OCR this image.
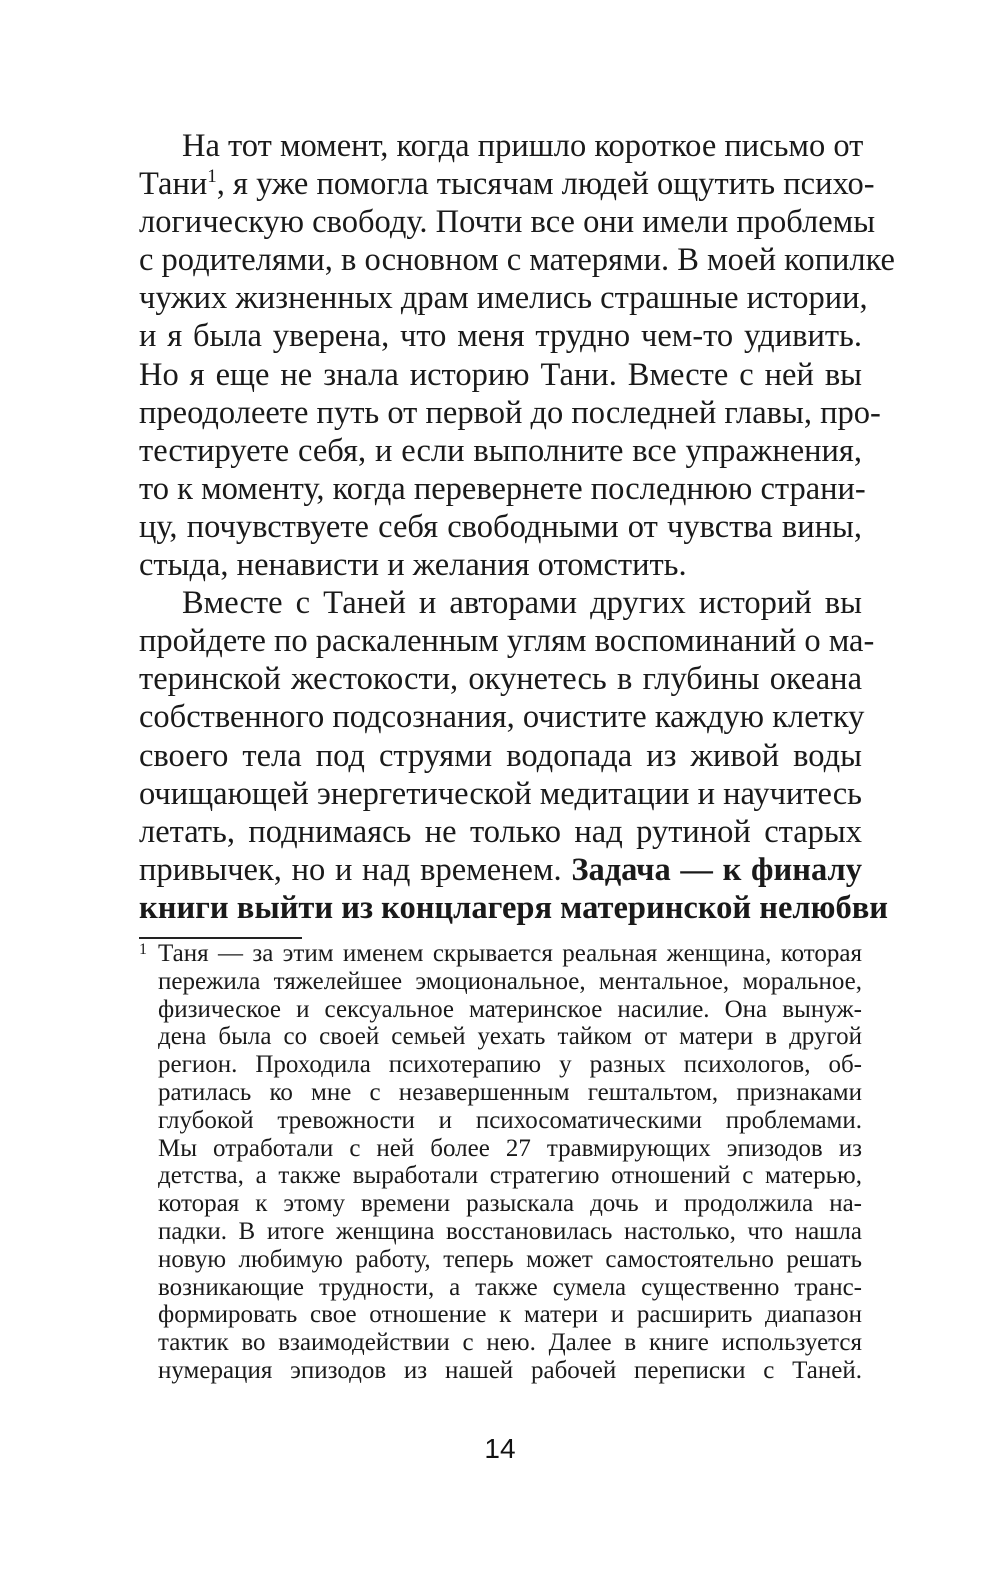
На тот момент, когда пришло короткое письмо от
Тани$^1$, я уже помогла тысячам людей ощутить психо-
логическую свободу. Почти все они имели проблемы
с родителями, в основном с матерями. В моей копилке
чужих жизненных драм имелись страшные истории,
и я была уверена, что меня трудно чем-то удивить.
Но я еще не знала историю Тани. Вместе с ней вы
преодолеете путь от первой до последней главы, про-
тестируете себя, и если выполните все упражнения,
то к моменту, когда перевернете последнюю страни-
цу, почувствуете себя свободными от чувства вины,
стыда, ненависти и желания отомстить.
Вместе с Таней и авторами других историй вы
пройдете по раскаленным углям воспоминаний о ма-
теринской жестокости, окунетесь в глубины океана
собственного подсознания, очистите каждую клетку
своего тела под струями водопада из живой воды
очищающей энергетической медитации и научитесь
летать, поднимаясь не только над рутиной старых
привычек, но и над временем. Задача — к финалу
книги выйти из концлагеря материнской нелюбви
1 Таня — за этим именем скрывается реальная женщина, которая
пережила тяжелейшее эмоциональное, ментальное, моральное,
физическое и сексуальное материнское насилие. Она вынуж-
дена была со своей семьей уехать тайком от матери в другой
регион. Проходила психотерапию у разных психологов, об-
ратилась ко мне с незавершенным гештальтом, признаками
глубокой тревожности и психосоматическими проблемами.
Мы отработали с ней более 27 травмирующих эпизодов из
детства, а также выработали стратегию отношений с матерью,
которая к этому времени разыскала дочь и продолжила на-
падки. В итоге женщина восстановилась настолько, что нашла
новую любимую работу, теперь может самостоятельно решать
возникающие трудности, а также сумела существенно транс-
формировать свое отношение к матери и расширить диапазон
тактик во взаимодействии с нею. Далее в книге используется
нумерация эпизодов из нашей рабочей переписки с Таней.
14
